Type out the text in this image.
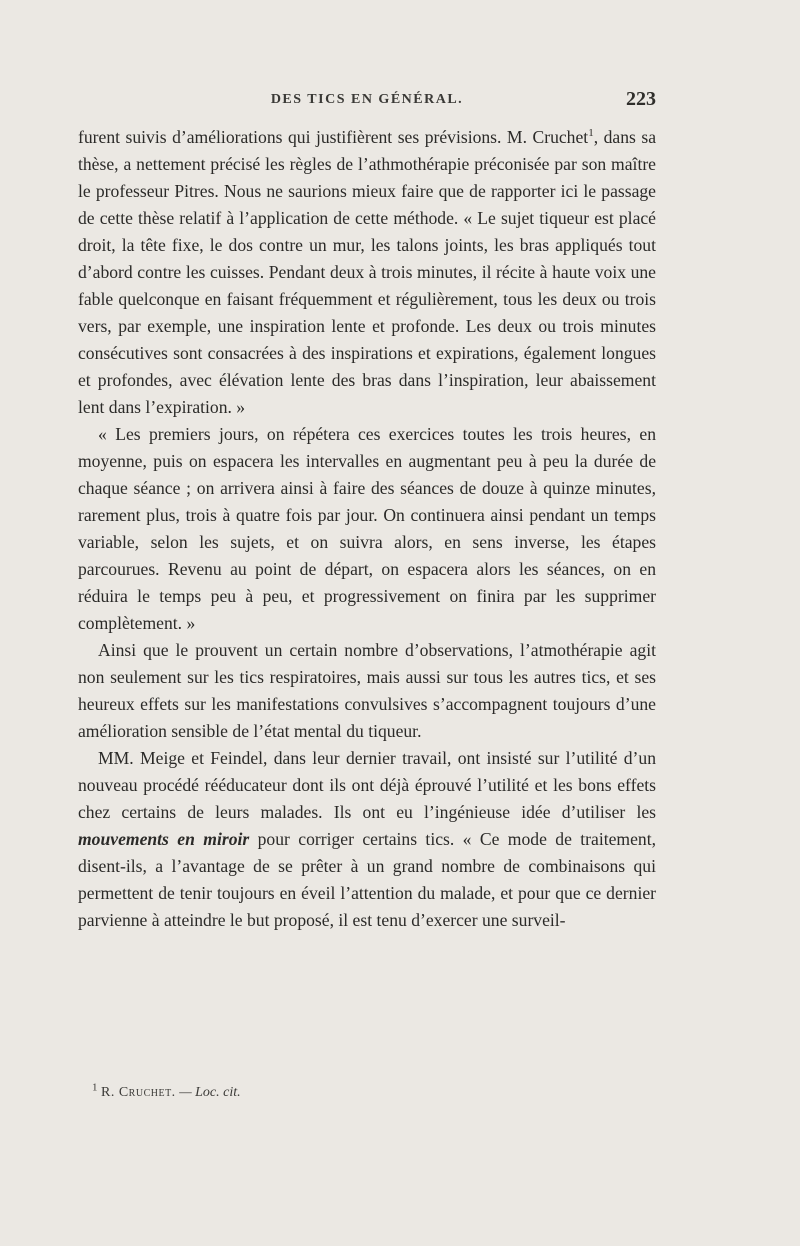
DES TICS EN GÉNÉRAL.	223

furent suivis d’améliorations qui justifièrent ses prévisions. M. Cruchet$^1$, dans sa thèse, a nettement précisé les règles de l’athmothérapie préconisée par son maître le professeur Pitres. Nous ne saurions mieux faire que de rapporter ici le passage de cette thèse relatif à l’application de cette méthode. « Le sujet tiqueur est placé droit, la tête fixe, le dos contre un mur, les talons joints, les bras appliqués tout d’abord contre les cuisses. Pendant deux à trois minutes, il récite à haute voix une fable quelconque en faisant fréquemment et régulièrement, tous les deux ou trois vers, par exemple, une inspiration lente et profonde. Les deux ou trois minutes consécutives sont consacrées à des inspirations et expirations, également longues et profondes, avec élévation lente des bras dans l’inspiration, leur abaissement lent dans l’expiration. »

« Les premiers jours, on répétera ces exercices toutes les trois heures, en moyenne, puis on espacera les intervalles en augmentant peu à peu la durée de chaque séance ; on arrivera ainsi à faire des séances de douze à quinze minutes, rarement plus, trois à quatre fois par jour. On continuera ainsi pendant un temps variable, selon les sujets, et on suivra alors, en sens inverse, les étapes parcourues. Revenu au point de départ, on espacera alors les séances, on en réduira le temps peu à peu, et progressivement on finira par les supprimer complètement. »

Ainsi que le prouvent un certain nombre d’observations, l’atmothérapie agit non seulement sur les tics respiratoires, mais aussi sur tous les autres tics, et ses heureux effets sur les manifestations convulsives s’accompagnent toujours d’une amélioration sensible de l’état mental du tiqueur.

MM. Meige et Feindel, dans leur dernier travail, ont insisté sur l’utilité d’un nouveau procédé rééducateur dont ils ont déjà éprouvé l’utilité et les bons effets chez certains de leurs malades. Ils ont eu l’ingénieuse idée d’utiliser les mouvements en miroir pour corriger certains tics. « Ce mode de traitement, disent-ils, a l’avantage de se prêter à un grand nombre de combinaisons qui permettent de tenir toujours en éveil l’attention du malade, et pour que ce dernier parvienne à atteindre le but proposé, il est tenu d’exercer une surveil-

$^1$ R. Cruchet. — Loc. cit.
